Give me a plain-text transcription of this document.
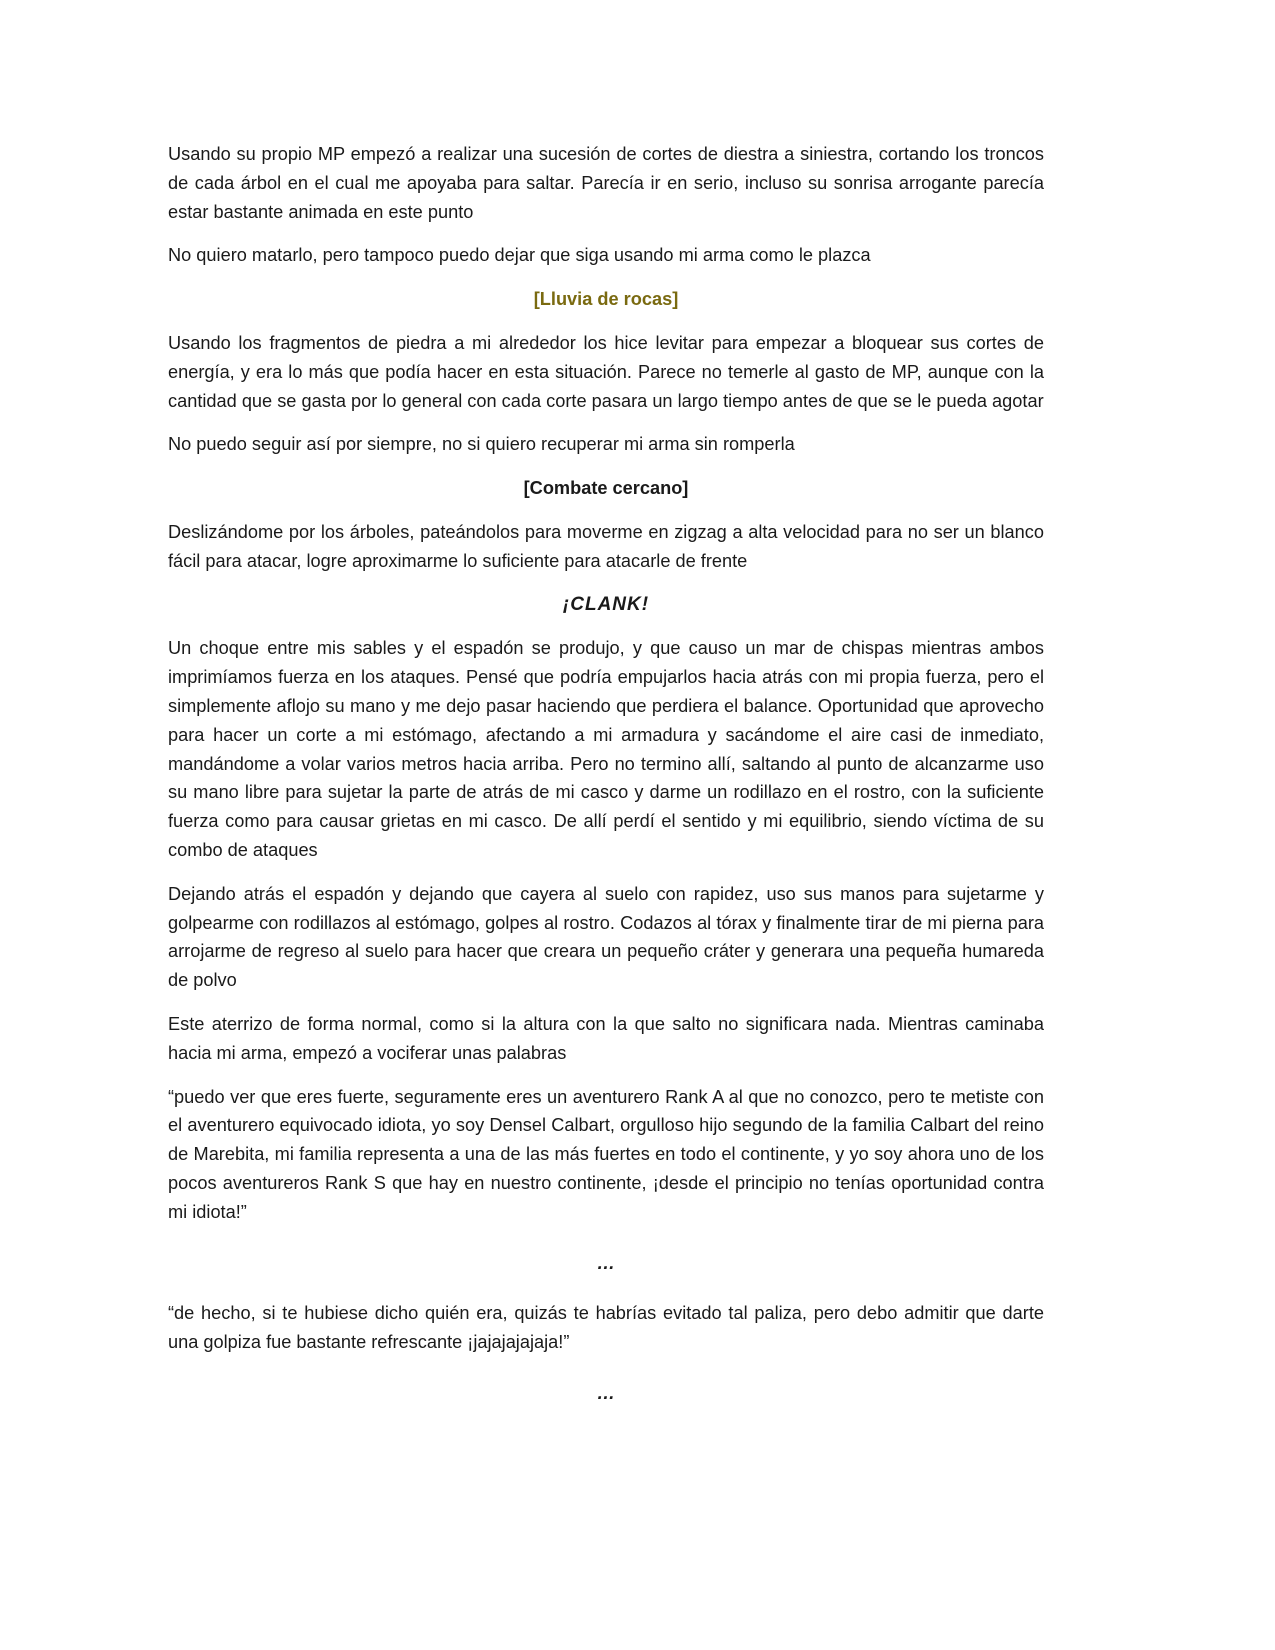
Usando su propio MP empezó a realizar una sucesión de cortes de diestra a siniestra, cortando los troncos de cada árbol en el cual me apoyaba para saltar. Parecía ir en serio, incluso su sonrisa arrogante parecía estar bastante animada en este punto

No quiero matarlo, pero tampoco puedo dejar que siga usando mi arma como le plazca

[Lluvia de rocas]

Usando los fragmentos de piedra a mi alrededor los hice levitar para empezar a bloquear sus cortes de energía, y era lo más que podía hacer en esta situación. Parece no temerle al gasto de MP, aunque con la cantidad que se gasta por lo general con cada corte pasara un largo tiempo antes de que se le pueda agotar

No puedo seguir así por siempre, no si quiero recuperar mi arma sin romperla

[Combate cercano]

Deslizándome por los árboles, pateándolos para moverme en zigzag a alta velocidad para no ser un blanco fácil para atacar, logre aproximarme lo suficiente para atacarle de frente

¡CLANK!

Un choque entre mis sables y el espadón se produjo, y que causo un mar de chispas mientras ambos imprimíamos fuerza en los ataques. Pensé que podría empujarlos hacia atrás con mi propia fuerza, pero el simplemente aflojo su mano y me dejo pasar haciendo que perdiera el balance. Oportunidad que aprovecho para hacer un corte a mi estómago, afectando a mi armadura y sacándome el aire casi de inmediato, mandándome a volar varios metros hacia arriba. Pero no termino allí, saltando al punto de alcanzarme uso su mano libre para sujetar la parte de atrás de mi casco y darme un rodillazo en el rostro, con la suficiente fuerza como para causar grietas en mi casco. De allí perdí el sentido y mi equilibrio, siendo víctima de su combo de ataques

Dejando atrás el espadón y dejando que cayera al suelo con rapidez, uso sus manos para sujetarme y golpearme con rodillazos al estómago, golpes al rostro. Codazos al tórax y finalmente tirar de mi pierna para arrojarme de regreso al suelo para hacer que creara un pequeño cráter y generara una pequeña humareda de polvo

Este aterrizo de forma normal, como si la altura con la que salto no significara nada. Mientras caminaba hacia mi arma, empezó a vociferar unas palabras

“puedo ver que eres fuerte, seguramente eres un aventurero Rank A al que no conozco, pero te metiste con el aventurero equivocado idiota, yo soy Densel Calbart, orgulloso hijo segundo de la familia Calbart del reino de Marebita, mi familia representa a una de las más fuertes en todo el continente, y yo soy ahora uno de los pocos aventureros Rank S que hay en nuestro continente, ¡desde el principio no tenías oportunidad contra mi idiota!”

…

“de hecho, si te hubiese dicho quién era, quizás te habrías evitado tal paliza, pero debo admitir que darte una golpiza fue bastante refrescante ¡jajajajajaja!”

…
